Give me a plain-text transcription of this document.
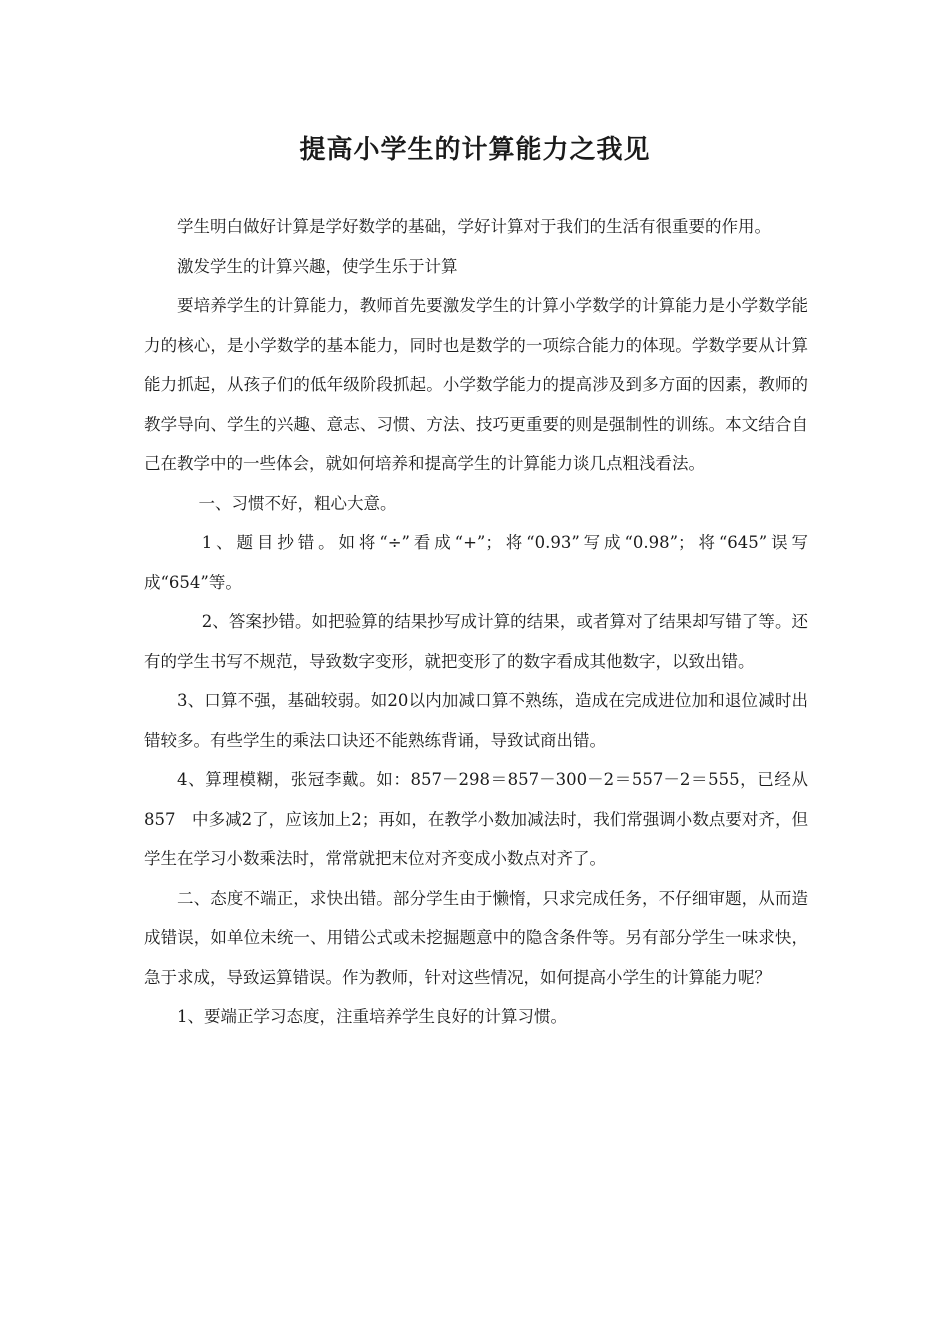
提高小学生的计算能力之我见

学生明白做好计算是学好数学的基础，学好计算对于我们的生活有很重要的作用。

激发学生的计算兴趣，使学生乐于计算

要培养学生的计算能力，教师首先要激发学生的计算小学数学的计算能力是小学数学能力的核心，是小学数学的基本能力，同时也是数学的一项综合能力的体现。学数学要从计算能力抓起，从孩子们的低年级阶段抓起。小学数学能力的提高涉及到多方面的因素，教师的教学导向、学生的兴趣、意志、习惯、方法、技巧更重要的则是强制性的训练。本文结合自己在教学中的一些体会，就如何培养和提高学生的计算能力谈几点粗浅看法。

一、习惯不好，粗心大意。

1、题目抄错。如将“÷”看成“+”；将“0.93”写成“0.98”；将“645”误写成“654”等。

2、答案抄错。如把验算的结果抄写成计算的结果，或者算对了结果却写错了等。还有的学生书写不规范，导致数字变形，就把变形了的数字看成其他数字，以致出错。

3、口算不强，基础较弱。如20以内加减口算不熟练，造成在完成进位加和退位减时出错较多。有些学生的乘法口诀还不能熟练背诵，导致试商出错。

4、算理模糊，张冠李戴。如：857－298＝857－300－2＝557－2＝555，已经从　857　中多减2了，应该加上2；再如，在教学小数加减法时，我们常强调小数点要对齐，但学生在学习小数乘法时，常常就把末位对齐变成小数点对齐了。

二、态度不端正，求快出错。部分学生由于懒惰，只求完成任务，不仔细审题，从而造成错误，如单位未统一、用错公式或未挖掘题意中的隐含条件等。另有部分学生一味求快，急于求成，导致运算错误。作为教师，针对这些情况，如何提高小学生的计算能力呢？

1、要端正学习态度，注重培养学生良好的计算习惯。
